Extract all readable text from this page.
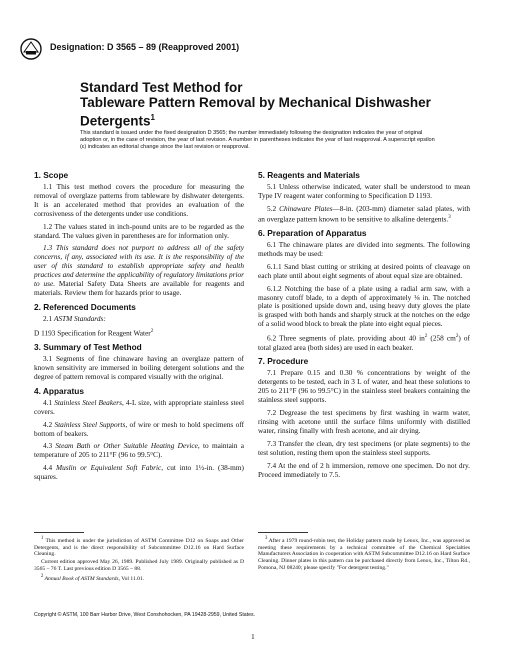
Designation: D 3565 – 89 (Reapproved 2001)
Standard Test Method for
Tableware Pattern Removal by Mechanical Dishwasher
Detergents$^1$
This standard is issued under the fixed designation D 3565; the number immediately following the designation indicates the year of original adoption or, in the case of revision, the year of last revision. A number in parentheses indicates the year of last reapproval. A superscript epsilon (ε) indicates an editorial change since the last revision or reapproval.
1. Scope

1.1 This test method covers the procedure for measuring the removal of overglaze patterns from tableware by dishwater detergents. It is an accelerated method that provides an evaluation of the corrosiveness of the detergents under use conditions.

1.2 The values stated in inch-pound units are to be regarded as the standard. The values given in parentheses are for information only.

1.3 This standard does not purport to address all of the safety concerns, if any, associated with its use. It is the responsibility of the user of this standard to establish appropriate safety and health practices and determine the applicability of regulatory limitations prior to use. Material Safety Data Sheets are available for reagents and materials. Review them for hazards prior to usage.

2. Referenced Documents

2.1 ASTM Standards:

D 1193 Specification for Reagent Water$^2$

3. Summary of Test Method

3.1 Segments of fine chinaware having an overglaze pattern of known sensitivity are immersed in boiling detergent solutions and the degree of pattern removal is compared visually with the original.

4. Apparatus

4.1 Stainless Steel Beakers, 4-L size, with appropriate stainless steel covers.

4.2 Stainless Steel Supports, of wire or mesh to hold specimens off bottom of beakers.

4.3 Steam Bath or Other Suitable Heating Device, to maintain a temperature of 205 to 211°F (96 to 99.5°C).

4.4 Muslin or Equivalent Soft Fabric, cut into 1½-in. (38-mm) squares.

5. Reagents and Materials

5.1 Unless otherwise indicated, water shall be understood to mean Type IV reagent water conforming to Specification D 1193.

5.2 Chinaware Plates—8-in. (203-mm) diameter salad plates, with an overglaze pattern known to be sensitive to alkaline detergents.$^3$

6. Preparation of Apparatus

6.1 The chinaware plates are divided into segments. The following methods may be used:

6.1.1 Sand blast cutting or striking at desired points of cleavage on each plate until about eight segments of about equal size are obtained.

6.1.2 Notching the base of a plate using a radial arm saw, with a masonry cutoff blade, to a depth of approximately ⅛ in. The notched plate is positioned upside down and, using heavy duty gloves the plate is grasped with both hands and sharply struck at the notches on the edge of a solid wood block to break the plate into eight equal pieces.

6.2 Three segments of plate, providing about 40 $in^2$ (258 $cm^2$) of total glazed area (both sides) are used in each beaker.

7. Procedure

7.1 Prepare 0.15 and 0.30 % concentrations by weight of the detergents to be tested, each in 3 L of water, and heat these solutions to 205 to 211°F (96 to 99.5°C) in the stainless steel beakers containing the stainless steel supports.

7.2 Degrease the test specimens by first washing in warm water, rinsing with acetone until the surface films uniformly with distilled water, rinsing finally with fresh acetone, and air drying.

7.3 Transfer the clean, dry test specimens (or plate segments) to the test solution, resting them upon the stainless steel supports.

7.4 At the end of 2 h immersion, remove one specimen. Do not dry. Proceed immediately to 7.5.

$^1$ This method is under the jurisdiction of ASTM Committee D12 on Soaps and Other Detergents, and is the direct responsibility of Subcommittee D12.16 on Hard Surface Cleaning.

Current edition approved May 26, 1989. Published July 1989. Originally published as D 3565 – 76 T. Last previous edition D 3565 – 88.

$^2$ Annual Book of ASTM Standards, Vol 11.01.

$^3$ After a 1979 round-robin test, the Holiday pattern made by Lenox, Inc., was approved as meeting these requirements by a technical committee of the Chemical Specialties Manufacturers Association in cooperation with ASTM Subcommittee D12.16 on Hard Surface Cleaning. Dinner plates in this pattern can be purchased directly from Lenox, Inc., Tilton Rd., Pomona, NJ 08240; please specify "For detergent testing."

Copyright © ASTM, 100 Barr Harbor Drive, West Conshohocken, PA 19428-2959, United States.
1
